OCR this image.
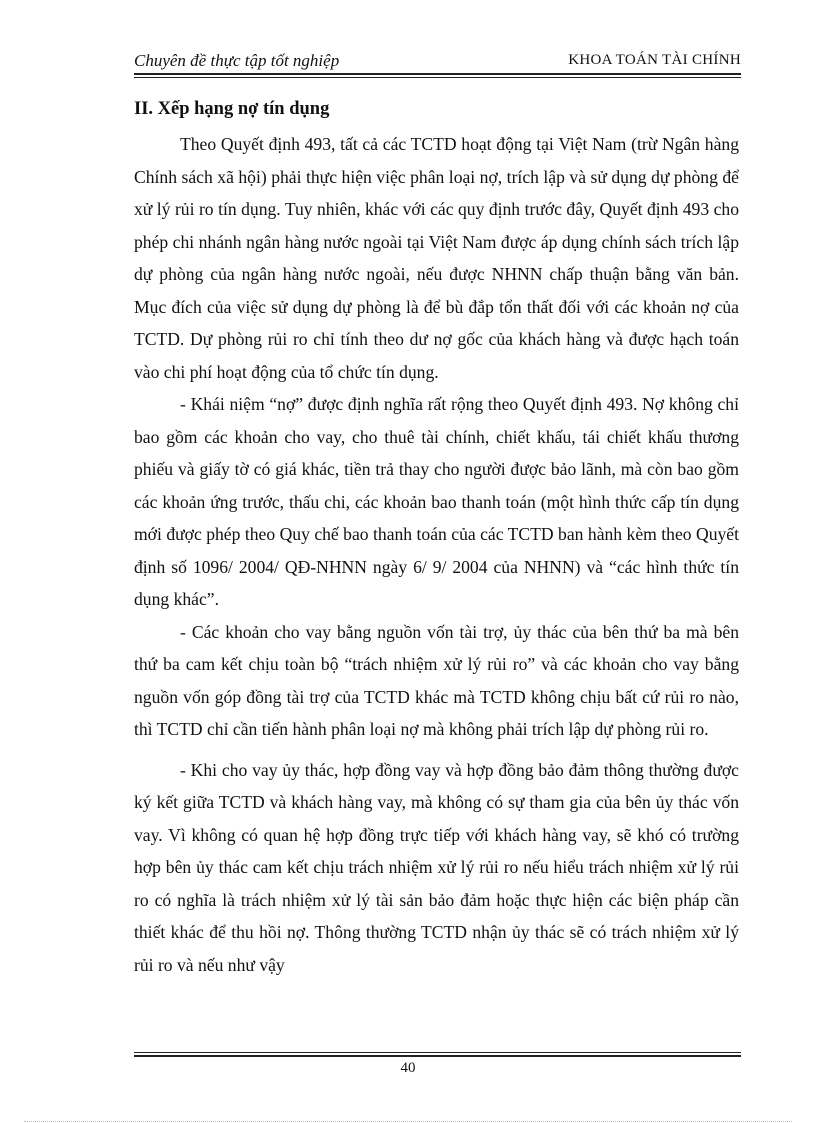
Chuyên đề thực tập tốt nghiệp	KHOA TOÁN TÀI CHÍNH
II. Xếp hạng nợ tín dụng

Theo Quyết định 493, tất cả các TCTD hoạt động tại Việt Nam (trừ Ngân hàng Chính sách xã hội) phải thực hiện việc phân loại nợ, trích lập và sử dụng dự phòng để xử lý rủi ro tín dụng. Tuy nhiên, khác với các quy định trước đây, Quyết định 493 cho phép chi nhánh ngân hàng nước ngoài tại Việt Nam được áp dụng chính sách trích lập dự phòng của ngân hàng nước ngoài, nếu được NHNN chấp thuận bằng văn bản. Mục đích của việc sử dụng dự phòng là để bù đắp tổn thất đối với các khoản nợ của TCTD. Dự phòng rủi ro chỉ tính theo dư nợ gốc của khách hàng và được hạch toán vào chi phí hoạt động của tổ chức tín dụng.

- Khái niệm “nợ” được định nghĩa rất rộng theo Quyết định 493. Nợ không chỉ bao gồm các khoản cho vay, cho thuê tài chính, chiết khấu, tái chiết khấu thương phiếu và giấy tờ có giá khác, tiền trả thay cho người được bảo lãnh, mà còn bao gồm các khoản ứng trước, thấu chi, các khoản bao thanh toán (một hình thức cấp tín dụng mới được phép theo Quy chế bao thanh toán của các TCTD ban hành kèm theo Quyết định số 1096/ 2004/ QĐ-NHNN ngày 6/ 9/ 2004 của NHNN) và “các hình thức tín dụng khác”.

- Các khoản cho vay bằng nguồn vốn tài trợ, ủy thác của bên thứ ba mà bên thứ ba cam kết chịu toàn bộ “trách nhiệm xử lý rủi ro” và các khoản cho vay bằng nguồn vốn góp đồng tài trợ của TCTD khác mà TCTD không chịu bất cứ rủi ro nào, thì TCTD chỉ cần tiến hành phân loại nợ mà không phải trích lập dự phòng rủi ro.

- Khi cho vay ủy thác, hợp đồng vay và hợp đồng bảo đảm thông thường được ký kết giữa TCTD và khách hàng vay, mà không có sự tham gia của bên ủy thác vốn vay. Vì không có quan hệ hợp đồng trực tiếp với khách hàng vay, sẽ khó có trường hợp bên ủy thác cam kết chịu trách nhiệm xử lý rủi ro nếu hiểu trách nhiệm xử lý rủi ro có nghĩa là trách nhiệm xử lý tài sản bảo đảm hoặc thực hiện các biện pháp cần thiết khác để thu hồi nợ. Thông thường TCTD nhận ủy thác sẽ có trách nhiệm xử lý rủi ro và nếu như vậy

40
